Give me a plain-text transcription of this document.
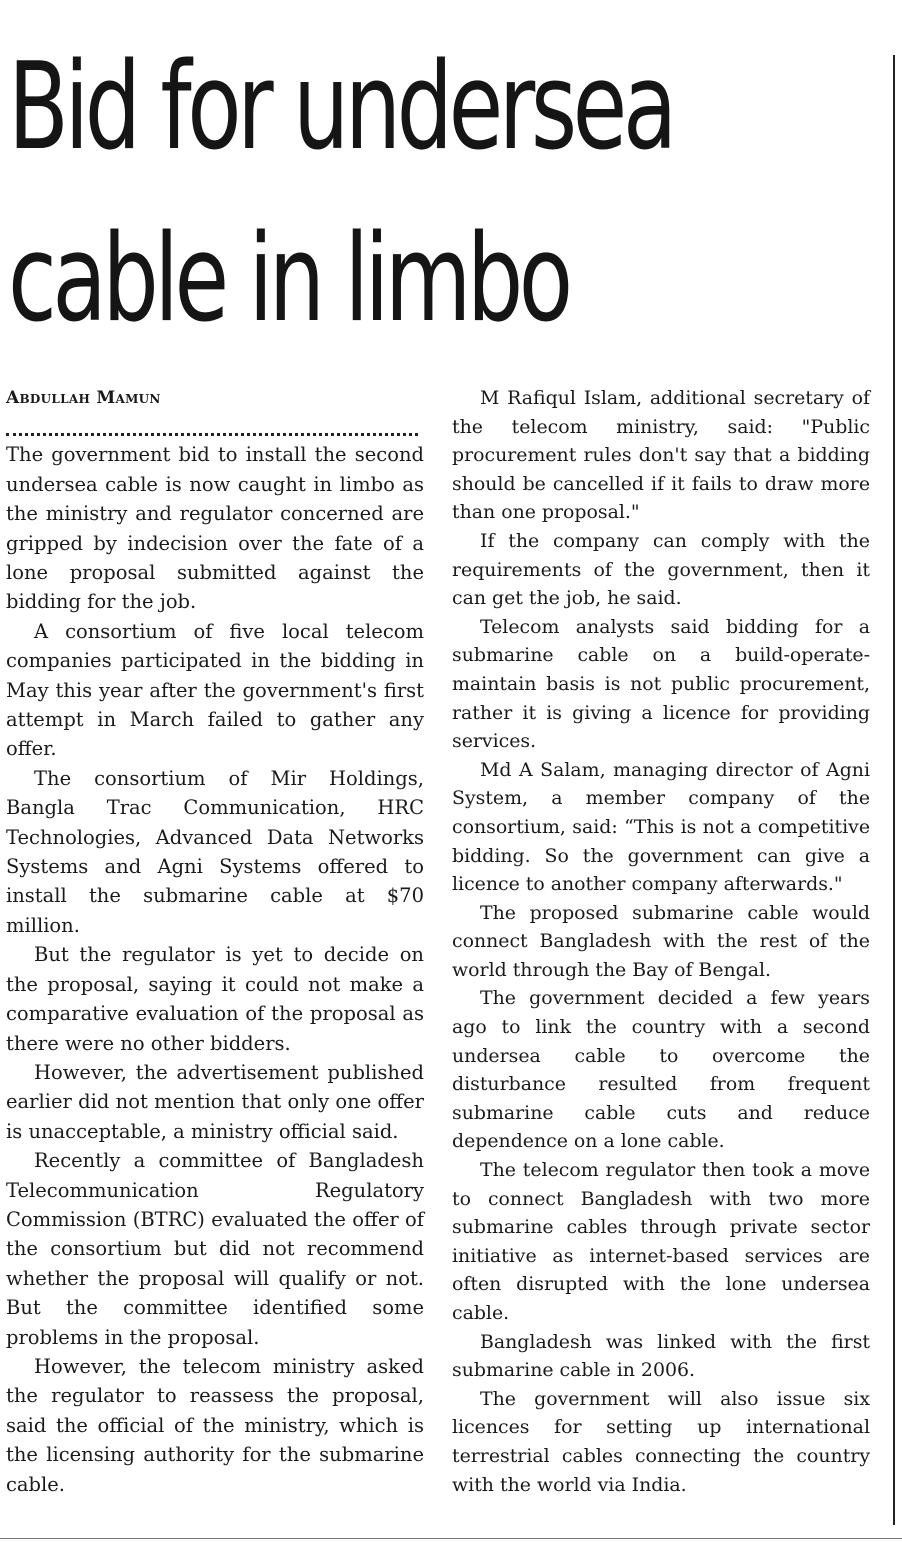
Bid for undersea
cable in limbo
Abdullah Mamun

The government bid to install the second undersea cable is now caught in limbo as the ministry and regulator concerned are gripped by indecision over the fate of a lone proposal submitted against the bidding for the job.

A consortium of five local telecom companies participated in the bidding in May this year after the government's first attempt in March failed to gather any offer.

The consortium of Mir Holdings, Bangla Trac Communication, HRC Technologies, Advanced Data Networks Systems and Agni Systems offered to install the submarine cable at $70 million.

But the regulator is yet to decide on the proposal, saying it could not make a comparative evaluation of the proposal as there were no other bidders.

However, the advertisement published earlier did not mention that only one offer is unacceptable, a ministry official said.

Recently a committee of Bangladesh Telecommunication Regulatory Commission (BTRC) evaluated the offer of the consortium but did not recommend whether the proposal will qualify or not. But the committee identified some problems in the proposal.

However, the telecom ministry asked the regulator to reassess the proposal, said the official of the ministry, which is the licensing authority for the submarine cable.

M Rafiqul Islam, additional secretary of the telecom ministry, said: "Public procurement rules don't say that a bidding should be cancelled if it fails to draw more than one proposal."

If the company can comply with the requirements of the government, then it can get the job, he said.

Telecom analysts said bidding for a submarine cable on a build-operate-maintain basis is not public procurement, rather it is giving a licence for providing services.

Md A Salam, managing director of Agni System, a member company of the consortium, said: “This is not a competitive bidding. So the government can give a licence to another company afterwards."

The proposed submarine cable would connect Bangladesh with the rest of the world through the Bay of Bengal.

The government decided a few years ago to link the country with a second undersea cable to overcome the disturbance resulted from frequent submarine cable cuts and reduce dependence on a lone cable.

The telecom regulator then took a move to connect Bangladesh with two more submarine cables through private sector initiative as internet-based services are often disrupted with the lone undersea cable.

Bangladesh was linked with the first submarine cable in 2006.

The government will also issue six licences for setting up international terrestrial cables connecting the country with the world via India.
